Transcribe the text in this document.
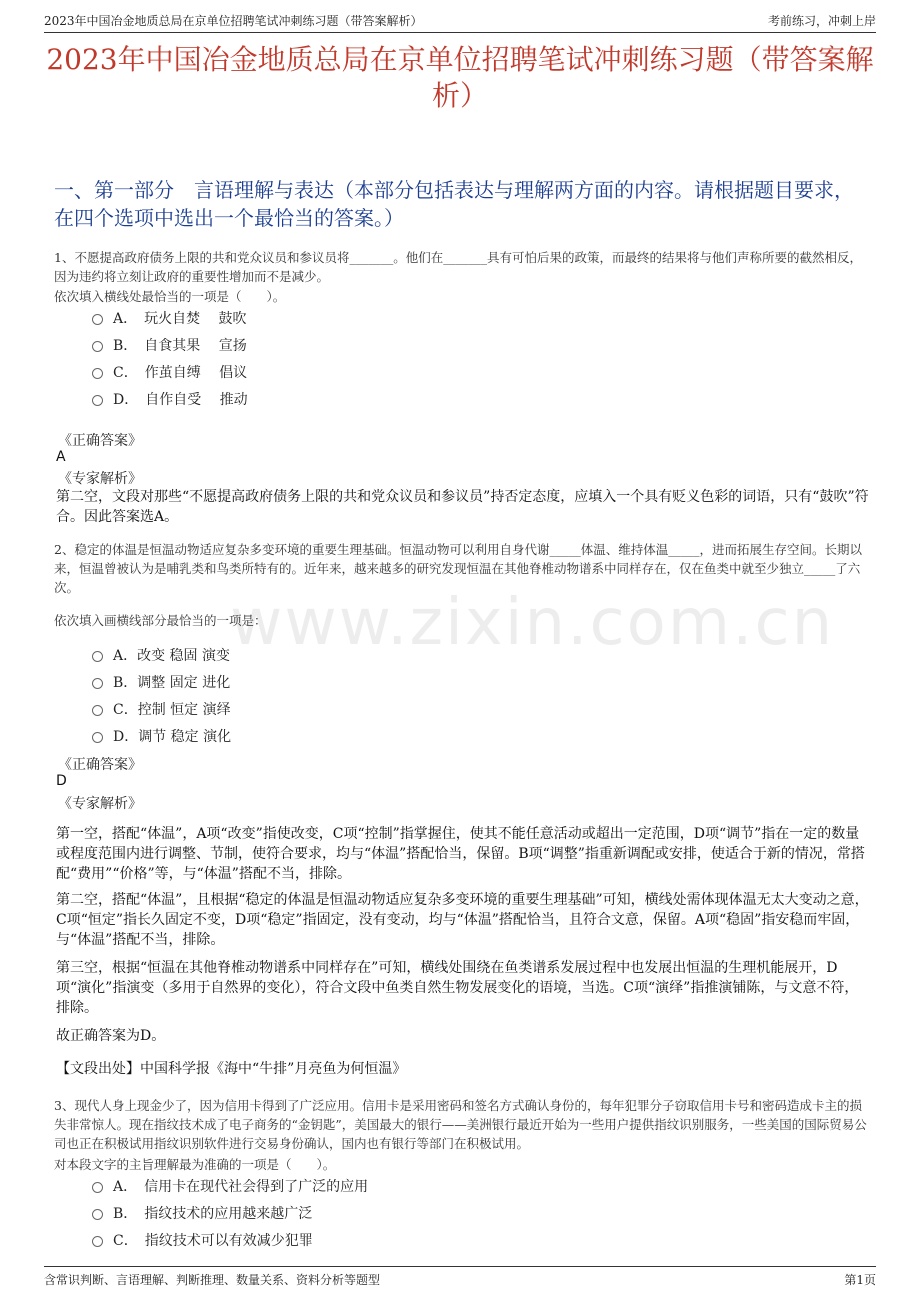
2023年中国冶金地质总局在京单位招聘笔试冲刺练习题（带答案解析）	考前练习，冲刺上岸
2023年中国冶金地质总局在京单位招聘笔试冲刺练习题（带答案解析）
一、第一部分　言语理解与表达（本部分包括表达与理解两方面的内容。请根据题目要求，在四个选项中选出一个最恰当的答案。）
www.zixin.com.cn
1、不愿提高政府债务上限的共和党众议员和参议员将_______。他们在_______具有可怕后果的政策，而最终的结果将与他们声称所要的截然相反，因为违约将立刻让政府的重要性增加而不是减少。
依次填入横线处最恰当的一项是（　　）。
A．　玩火自焚　 鼓吹
B．　自食其果　 宣扬
C．　作茧自缚　 倡议
D．　自作自受　 推动
《正确答案》
A
《专家解析》
第二空，文段对那些“不愿提高政府债务上限的共和党众议员和参议员”持否定态度，应填入一个具有贬义色彩的词语，只有“鼓吹”符合。因此答案选A。
2、稳定的体温是恒温动物适应复杂多变环境的重要生理基础。恒温动物可以利用自身代谢_____体温、维持体温_____，进而拓展生存空间。长期以来，恒温曾被认为是哺乳类和鸟类所特有的。近年来，越来越多的研究发现恒温在其他脊椎动物谱系中同样存在，仅在鱼类中就至少独立_____了六次。
依次填入画横线部分最恰当的一项是：
A．改变 稳固 演变
B．调整 固定 进化
C．控制 恒定 演绎
D．调节 稳定 演化
《正确答案》
D
《专家解析》
第一空，搭配“体温”，A项“改变”指使改变，C项“控制”指掌握住，使其不能任意活动或超出一定范围，D项“调节”指在一定的数量或程度范围内进行调整、节制，使符合要求，均与“体温”搭配恰当，保留。B项“调整”指重新调配或安排，使适合于新的情况，常搭配“费用”“价格”等，与“体温”搭配不当，排除。
第二空，搭配“体温”，且根据“稳定的体温是恒温动物适应复杂多变环境的重要生理基础”可知，横线处需体现体温无太大变动之意，C项“恒定”指长久固定不变，D项“稳定”指固定，没有变动，均与“体温”搭配恰当，且符合文意，保留。A项“稳固”指安稳而牢固，与“体温”搭配不当，排除。
第三空，根据“恒温在其他脊椎动物谱系中同样存在”可知，横线处围绕在鱼类谱系发展过程中也发展出恒温的生理机能展开，D项“演化”指演变（多用于自然界的变化），符合文段中鱼类自然生物发展变化的语境，当选。C项“演绎”指推演铺陈，与文意不符，排除。
故正确答案为D。
【文段出处】中国科学报《海中“牛排”月亮鱼为何恒温》
3、现代人身上现金少了，因为信用卡得到了广泛应用。信用卡是采用密码和签名方式确认身份的，每年犯罪分子窃取信用卡号和密码造成卡主的损失非常惊人。现在指纹技术成了电子商务的“金钥匙”，美国最大的银行——美洲银行最近开始为一些用户提供指纹识别服务，一些美国的国际贸易公司也正在积极试用指纹识别软件进行交易身份确认，国内也有银行等部门在积极试用。
对本段文字的主旨理解最为准确的一项是（　　）。
A．　信用卡在现代社会得到了广泛的应用
B．　指纹技术的应用越来越广泛
C．　指纹技术可以有效减少犯罪
含常识判断、言语理解、判断推理、数量关系、资料分析等题型	第1页
